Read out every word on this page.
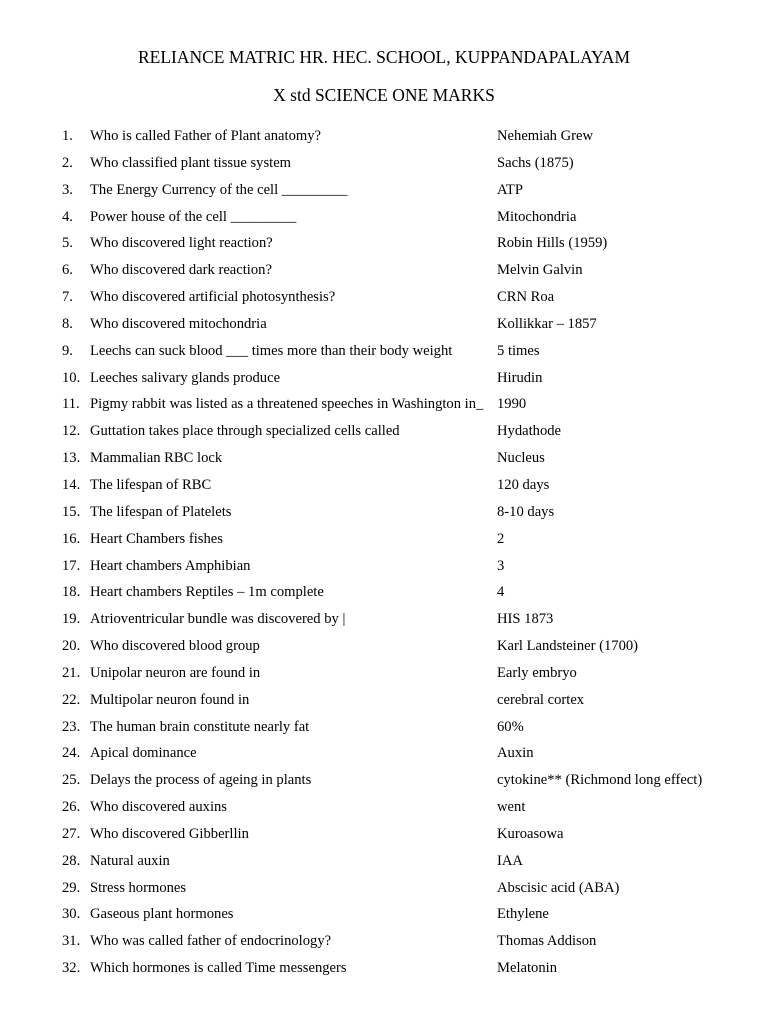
RELIANCE MATRIC HR. HEC. SCHOOL, KUPPANDAPALAYAM
X std SCIENCE ONE MARKS
1. Who is called Father of Plant anatomy?	Nehemiah Grew
2. Who classified plant tissue system	Sachs (1875)
3. The Energy Currency of the cell _________	ATP
4. Power house of the cell _________	Mitochondria
5. Who discovered light reaction?	Robin Hills (1959)
6. Who discovered dark reaction?	Melvin Galvin
7. Who discovered artificial photosynthesis?	CRN Roa
8. Who discovered mitochondria	Kollikkar – 1857
9. Leechs can suck blood ___ times more than their body weight	5 times
10. Leeches salivary glands produce	Hirudin
11. Pigmy rabbit was listed as a threatened speeches in Washington in_ 1990
12. Guttation takes place through specialized cells called	Hydathode
13. Mammalian RBC lock	Nucleus
14. The lifespan of RBC	120 days
15. The lifespan of Platelets	8-10 days
16. Heart Chambers fishes	2
17. Heart chambers Amphibian	3
18. Heart chambers Reptiles – 1m complete	4
19. Atrioventricular bundle was discovered by |	HIS 1873
20. Who discovered blood group	Karl Landsteiner (1700)
21. Unipolar neuron are found in	Early embryo
22. Multipolar neuron found in	cerebral cortex
23. The human brain constitute nearly fat	60%
24. Apical dominance	Auxin
25. Delays the process of ageing in plants	cytokine** (Richmond long effect)
26. Who discovered auxins	went
27. Who discovered Gibberllin	Kuroasowa
28. Natural auxin	IAA
29. Stress hormones	Abscisic acid (ABA)
30. Gaseous plant hormones	Ethylene
31. Who was called father of endocrinology?	Thomas Addison
32. Which hormones is called Time messengers	Melatonin
